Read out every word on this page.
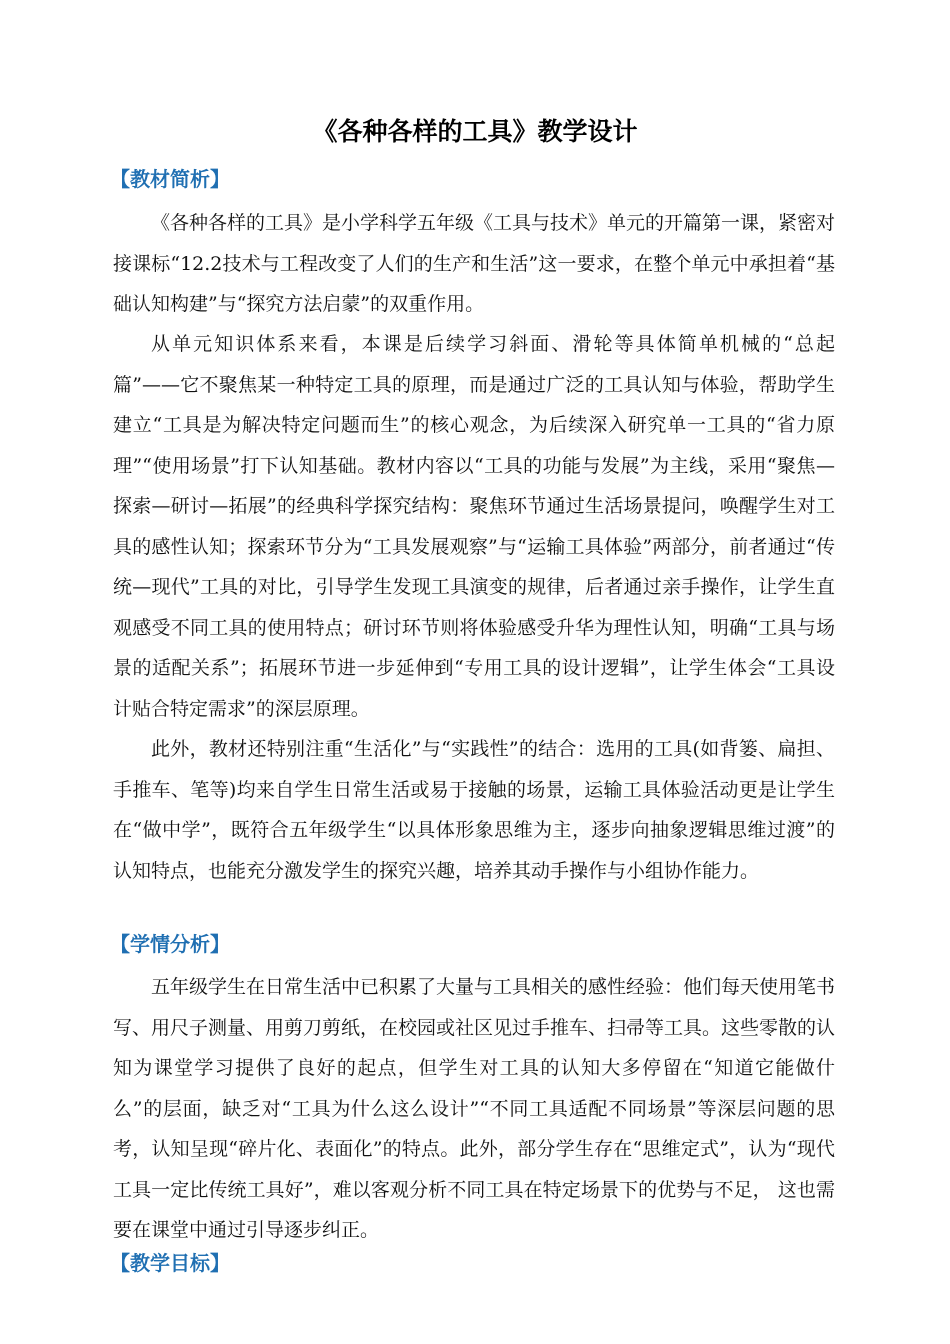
《各种各样的工具》教学设计
【教材简析】

《各种各样的工具》是小学科学五年级《工具与技术》单元的开篇第一课，紧密对接课标“12.2技术与工程改变了人们的生产和生活”这一要求，在整个单元中承担着“基础认知构建”与“探究方法启蒙”的双重作用。

从单元知识体系来看，本课是后续学习斜面、滑轮等具体简单机械的“总起篇”——它不聚焦某一种特定工具的原理，而是通过广泛的工具认知与体验，帮助学生建立“工具是为解决特定问题而生”的核心观念，为后续深入研究单一工具的“省力原理”“使用场景”打下认知基础。教材内容以“工具的功能与发展”为主线，采用“聚焦—探索—研讨—拓展”的经典科学探究结构：聚焦环节通过生活场景提问，唤醒学生对工具的感性认知；探索环节分为“工具发展观察”与“运输工具体验”两部分，前者通过“传统—现代”工具的对比，引导学生发现工具演变的规律，后者通过亲手操作，让学生直观感受不同工具的使用特点；研讨环节则将体验感受升华为理性认知，明确“工具与场景的适配关系”；拓展环节进一步延伸到“专用工具的设计逻辑”，让学生体会“工具设计贴合特定需求”的深层原理。

此外，教材还特别注重“生活化”与“实践性”的结合：选用的工具(如背篓、扁担、手推车、笔等)均来自学生日常生活或易于接触的场景，运输工具体验活动更是让学生在“做中学”，既符合五年级学生“以具体形象思维为主，逐步向抽象逻辑思维过渡”的认知特点，也能充分激发学生的探究兴趣，培养其动手操作与小组协作能力。

【学情分析】

五年级学生在日常生活中已积累了大量与工具相关的感性经验：他们每天使用笔书写、用尺子测量、用剪刀剪纸，在校园或社区见过手推车、扫帚等工具。这些零散的认知为课堂学习提供了良好的起点，但学生对工具的认知大多停留在“知道它能做什么”的层面，缺乏对“工具为什么这么设计”“不同工具适配不同场景”等深层问题的思考，认知呈现“碎片化、表面化”的特点。此外，部分学生存在“思维定式”，认为“现代工具一定比传统工具好”，难以客观分析不同工具在特定场景下的优势与不足， 这也需要在课堂中通过引导逐步纠正。

【教学目标】
